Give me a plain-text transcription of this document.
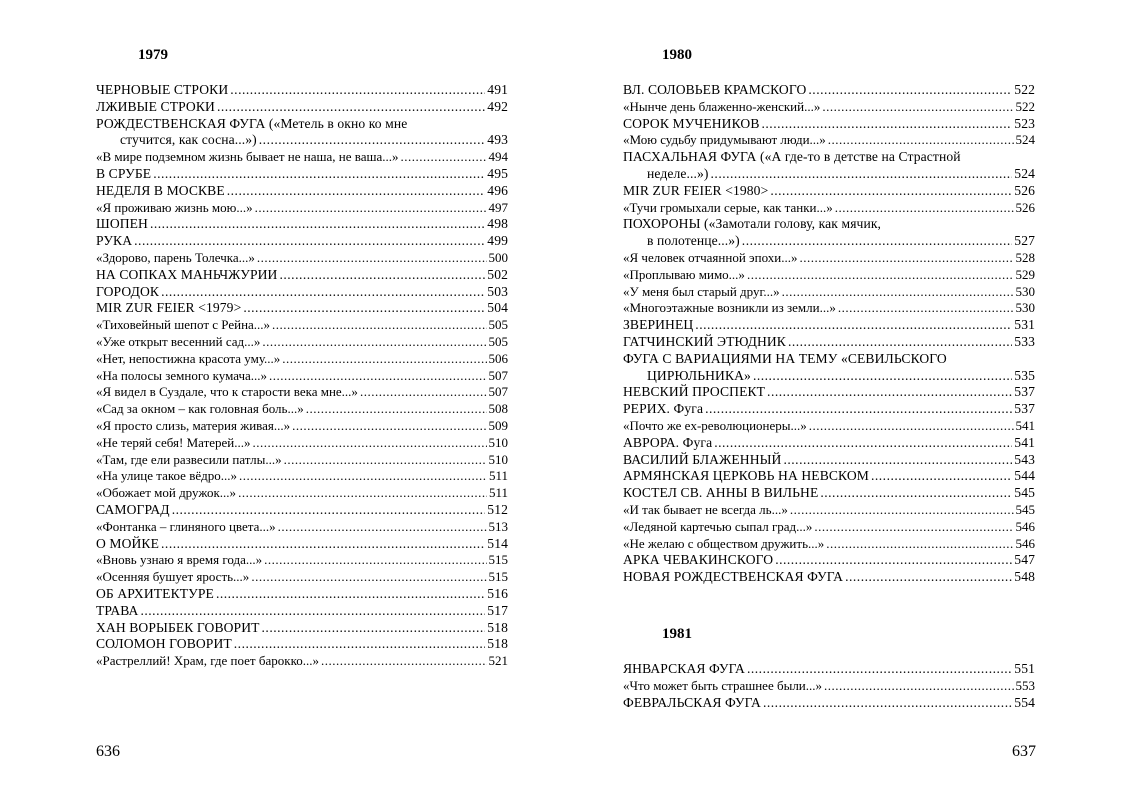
1979
ЧЕРНОВЫЕ СТРОКИ .....	491
ЛЖИВЫЕ СТРОКИ .....	492
РОЖДЕСТВЕНСКАЯ ФУГА («Метель в окно ко мне
стучится, как сосна...») .....	493
«В мире подземном жизнь бывает не наша, не ваша...» .....	494
В СРУБЕ .....	495
НЕДЕЛЯ В МОСКВЕ .....	496
«Я проживаю жизнь мою...» .....	497
ШОПЕН .....	498
РУКА .....	499
«Здорово, парень Толечка...» .....	500
НА СОПКАХ МАНЬЧЖУРИИ .....	502
ГОРОДОК .....	503
MIR ZUR FEIER <1979> .....	504
«Тиховейный шепот с Рейна...» .....	505
«Уже открыт весенний сад...» .....	505
«Нет, непостижна красота уму...» .....	506
«На полосы земного кумача...» .....	507
«Я видел в Суздале, что к старости века мне...» .....	507
«Сад за окном – как головная боль...» .....	508
«Я просто слизь, материя живая...» .....	509
«Не теряй себя! Матерей...» .....	510
«Там, где ели развесили патлы...» .....	510
«На улице такое вёдро...» .....	511
«Обожает мой дружок...» .....	511
САМОГРАД .....	512
«Фонтанка – глиняного цвета...» .....	513
О МОЙКЕ .....	514
«Вновь узнаю я время года...» .....	515
«Осенняя бушует ярость...» .....	515
ОБ АРХИТЕКТУРЕ .....	516
ТРАВА .....	517
ХАН ВОРЫБЕК ГОВОРИТ .....	518
СОЛОМОН ГОВОРИТ .....	518
«Растреллий! Храм, где поет барокко...» .....	521
636
1980
ВЛ. СОЛОВЬЕВ КРАМСКОГО .....	522
«Нынче день блаженно-женский...» .....	522
СОРОК МУЧЕНИКОВ .....	523
«Мою судьбу придумывают люди...» .....	524
ПАСХАЛЬНАЯ ФУГА («А где-то в детстве на Страстной
неделе...») .....	524
MIR ZUR FEIER <1980> .....	526
«Тучи громыхали серые, как танки...» .....	526
ПОХОРОНЫ («Замотали голову, как мячик,
в полотенце...») .....	527
«Я человек отчаянной эпохи...» .....	528
«Проплываю мимо...» .....	529
«У меня был старый друг...» .....	530
«Многоэтажные возникли из земли...» .....	530
ЗВЕРИНЕЦ .....	531
ГАТЧИНСКИЙ ЭТЮДНИК .....	533
ФУГА С ВАРИАЦИЯМИ НА ТЕМУ «СЕВИЛЬСКОГО
ЦИРЮЛЬНИКА» .....	535
НЕВСКИЙ ПРОСПЕКТ .....	537
РЕРИХ. Фуга .....	537
«Почто же ex-революционеры...» .....	541
АВРОРА. Фуга .....	541
ВАСИЛИЙ БЛАЖЕННЫЙ .....	543
АРМЯНСКАЯ ЦЕРКОВЬ НА НЕВСКОМ .....	544
КОСТЕЛ СВ. АННЫ В ВИЛЬНЕ .....	545
«И так бывает не всегда ль...» .....	545
«Ледяной картечью сыпал град...» .....	546
«Не желаю с обществом дружить...» .....	546
АРКА ЧЕВАКИНСКОГО .....	547
НОВАЯ РОЖДЕСТВЕНСКАЯ ФУГА .....	548
1981
ЯНВАРСКАЯ ФУГА .....	551
«Что может быть страшнее были...» .....	553
ФЕВРАЛЬСКАЯ ФУГА .....	554
637
